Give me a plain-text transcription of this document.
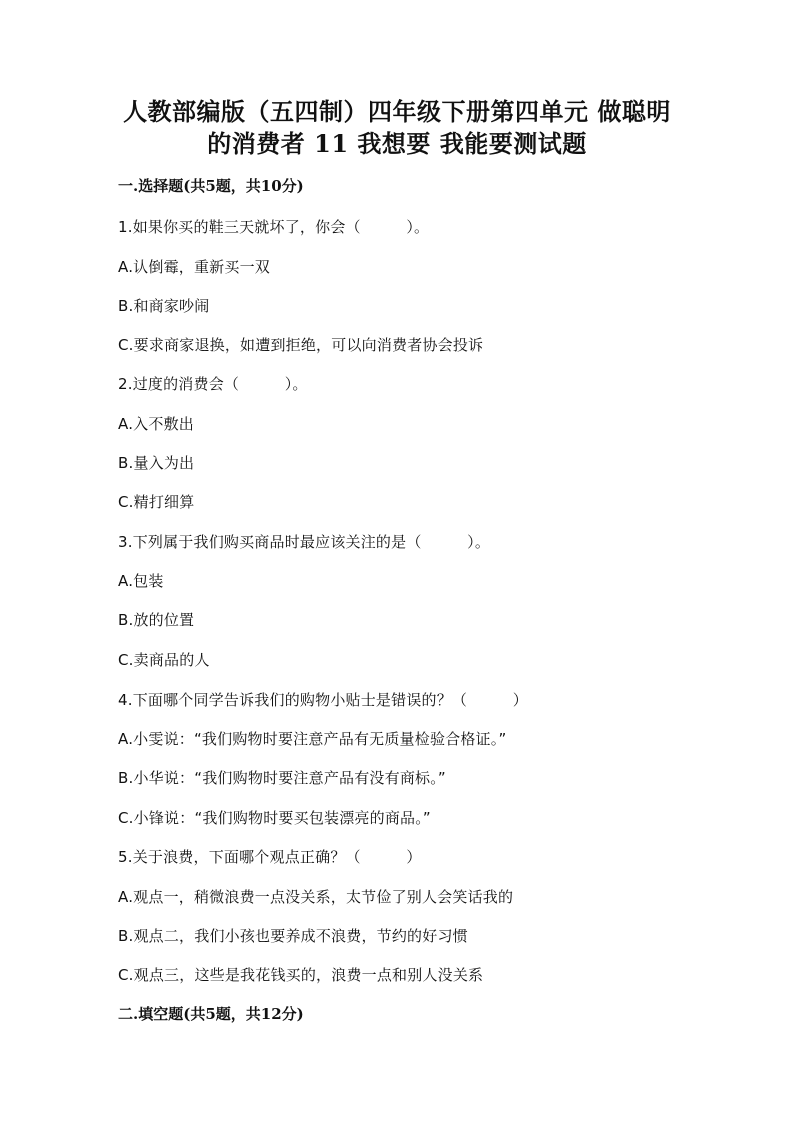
人教部编版（五四制）四年级下册第四单元 做聪明
的消费者 11 我想要 我能要测试题
一.选择题(共5题，共10分)
1.如果你买的鞋三天就坏了，你会（　　　）。
A.认倒霉，重新买一双
B.和商家吵闹
C.要求商家退换，如遭到拒绝，可以向消费者协会投诉
2.过度的消费会（　　　）。
A.入不敷出
B.量入为出
C.精打细算
3.下列属于我们购买商品时最应该关注的是（　　　）。
A.包装
B.放的位置
C.卖商品的人
4.下面哪个同学告诉我们的购物小贴士是错误的？（　　　）
A.小雯说：“我们购物时要注意产品有无质量检验合格证。”
B.小华说：“我们购物时要注意产品有没有商标。”
C.小锋说：“我们购物时要买包装漂亮的商品。”
5.关于浪费，下面哪个观点正确？（　　　）
A.观点一，稍微浪费一点没关系，太节俭了别人会笑话我的
B.观点二，我们小孩也要养成不浪费，节约的好习惯
C.观点三，这些是我花钱买的，浪费一点和别人没关系
二.填空题(共5题，共12分)
